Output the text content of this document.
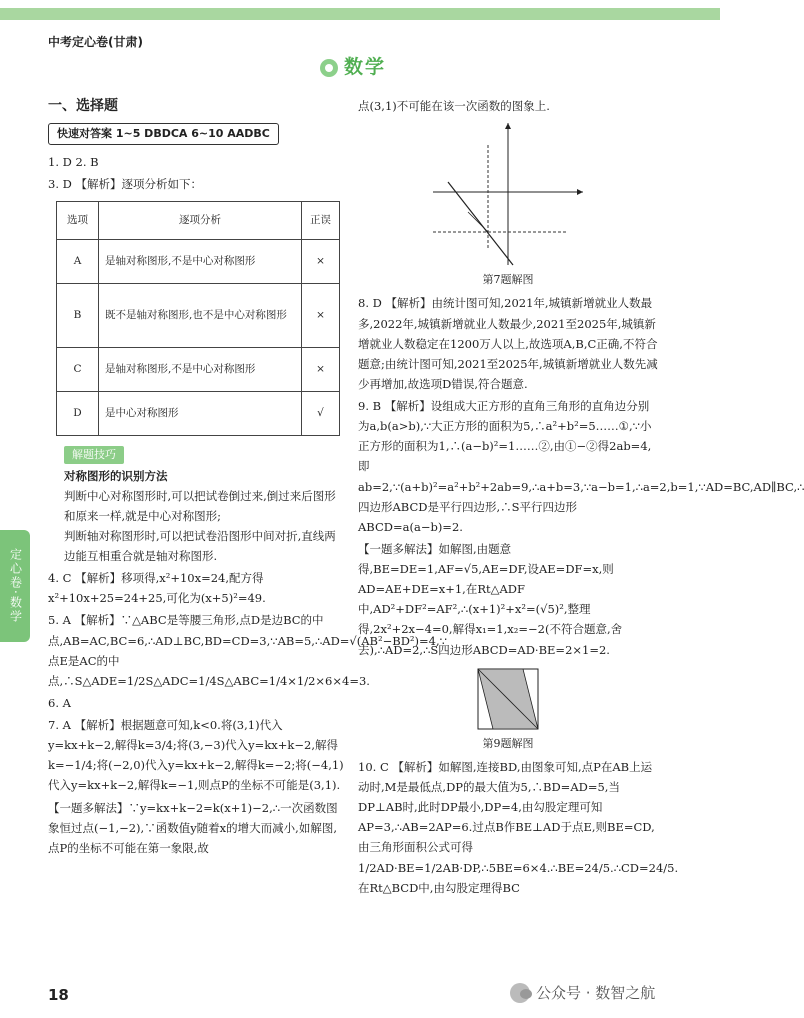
中考定心卷(甘肃)
数学
定心卷·数学
一、选择题
快速对答案 1~5 DBDCA 6~10 AADBC
1. D 2. B
3. D 【解析】逐项分析如下：
选项	逐项分析	正误
A	是轴对称图形,不是中心对称图形	×
B	既不是轴对称图形,也不是中心对称图形	×
C	是轴对称图形,不是中心对称图形	×
D	是中心对称图形	√
解题技巧
对称图形的识别方法
判断中心对称图形时,可以把试卷倒过来,倒过来后图形和原来一样,就是中心对称图形;
判断轴对称图形时,可以把试卷沿图形中间对折,直线两边能互相重合就是轴对称图形.
4. C 【解析】移项得,x²+10x=24,配方得 x²+10x+25=24+25,可化为(x+5)²=49.
5. A 【解析】∵△ABC是等腰三角形,点D是边BC的中点,AB=AC,BC=6,∴AD⊥BC,BD=CD=3,∵AB=5,∴AD=√(AB²−BD²)=4,∵点E是AC的中点,∴S△ADE=1/2S△ADC=1/4S△ABC=1/4×1/2×6×4=3.
6. A
7. A 【解析】根据题意可知,k<0.将(3,1)代入y=kx+k−2,解得k=3/4;将(3,−3)代入y=kx+k−2,解得k=−1/4;将(−2,0)代入y=kx+k−2,解得k=−2;将(−4,1)代入y=kx+k−2,解得k=−1,则点P的坐标不可能是(3,1).
【一题多解法】∵y=kx+k−2=k(x+1)−2,∴一次函数图象恒过点(−1,−2),∵函数值y随着x的增大而减小,如解图,点P的坐标不可能在第一象限,故
点(3,1)不可能在该一次函数的图象上.
第7题解图
8. D 【解析】由统计图可知,2021年,城镇新增就业人数最多,2022年,城镇新增就业人数最少,2021至2025年,城镇新增就业人数稳定在1200万人以上,故选项A,B,C正确,不符合题意;由统计图可知,2021至2025年,城镇新增就业人数先减少再增加,故选项D错误,符合题意.
9. B 【解析】设组成大正方形的直角三角形的直角边分别为a,b(a>b),∵大正方形的面积为5,∴a²+b²=5……①,∵小正方形的面积为1,∴(a−b)²=1……②,由①−②得2ab=4,即ab=2,∵(a+b)²=a²+b²+2ab=9,∴a+b=3,∵a−b=1,∴a=2,b=1,∵AD=BC,AD∥BC,∴四边形ABCD是平行四边形,∴S平行四边形ABCD=a(a−b)=2.
【一题多解法】如解图,由题意得,BE=DE=1,AF=√5,AE=DF,设AE=DF=x,则AD=AE+DE=x+1,在Rt△ADF中,AD²+DF²=AF²,∴(x+1)²+x²=(√5)²,整理得,2x²+2x−4=0,解得x₁=1,x₂=−2(不符合题意,舍去),∴AD=2,∴S四边形ABCD=AD·BE=2×1=2.
第9题解图
10. C 【解析】如解图,连接BD,由图象可知,点P在AB上运动时,M是最低点,DP的最大值为5,∴BD=AD=5,当DP⊥AB时,此时DP最小,DP=4,由勾股定理可知AP=3,∴AB=2AP=6.过点B作BE⊥AD于点E,则BE=CD,由三角形面积公式可得1/2AD·BE=1/2AB·DP,∴5BE=6×4.∴BE=24/5.∴CD=24/5.在Rt△BCD中,由勾股定理得BC
18	公众号 · 数智之航
